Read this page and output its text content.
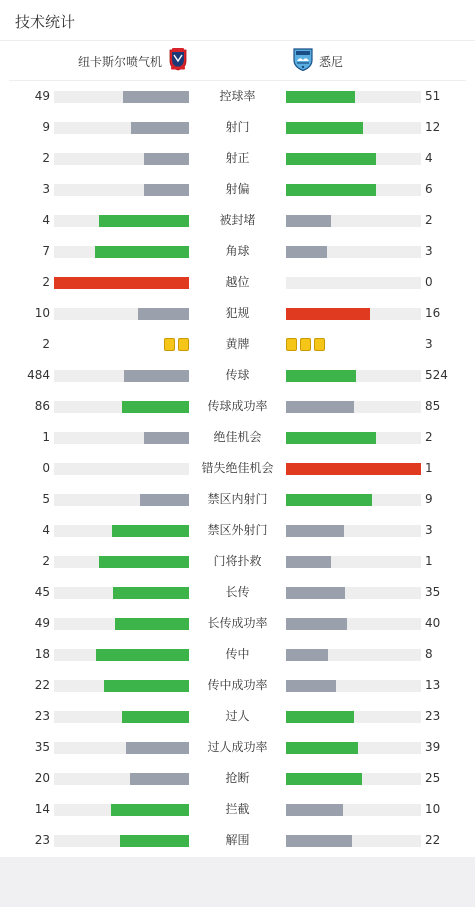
技术统计
纽卡斯尔喷气机	悉尼
49	控球率	51
9	射门	12
2	射正	4
3	射偏	6
4	被封堵	2
7	角球	3
2	越位	0
10	犯规	16
2	黄牌	3
484	传球	524
86	传球成功率	85
1	绝佳机会	2
0	错失绝佳机会	1
5	禁区内射门	9
4	禁区外射门	3
2	门将扑救	1
45	长传	35
49	长传成功率	40
18	传中	8
22	传中成功率	13
23	过人	23
35	过人成功率	39
20	抢断	25
14	拦截	10
23	解围	22
